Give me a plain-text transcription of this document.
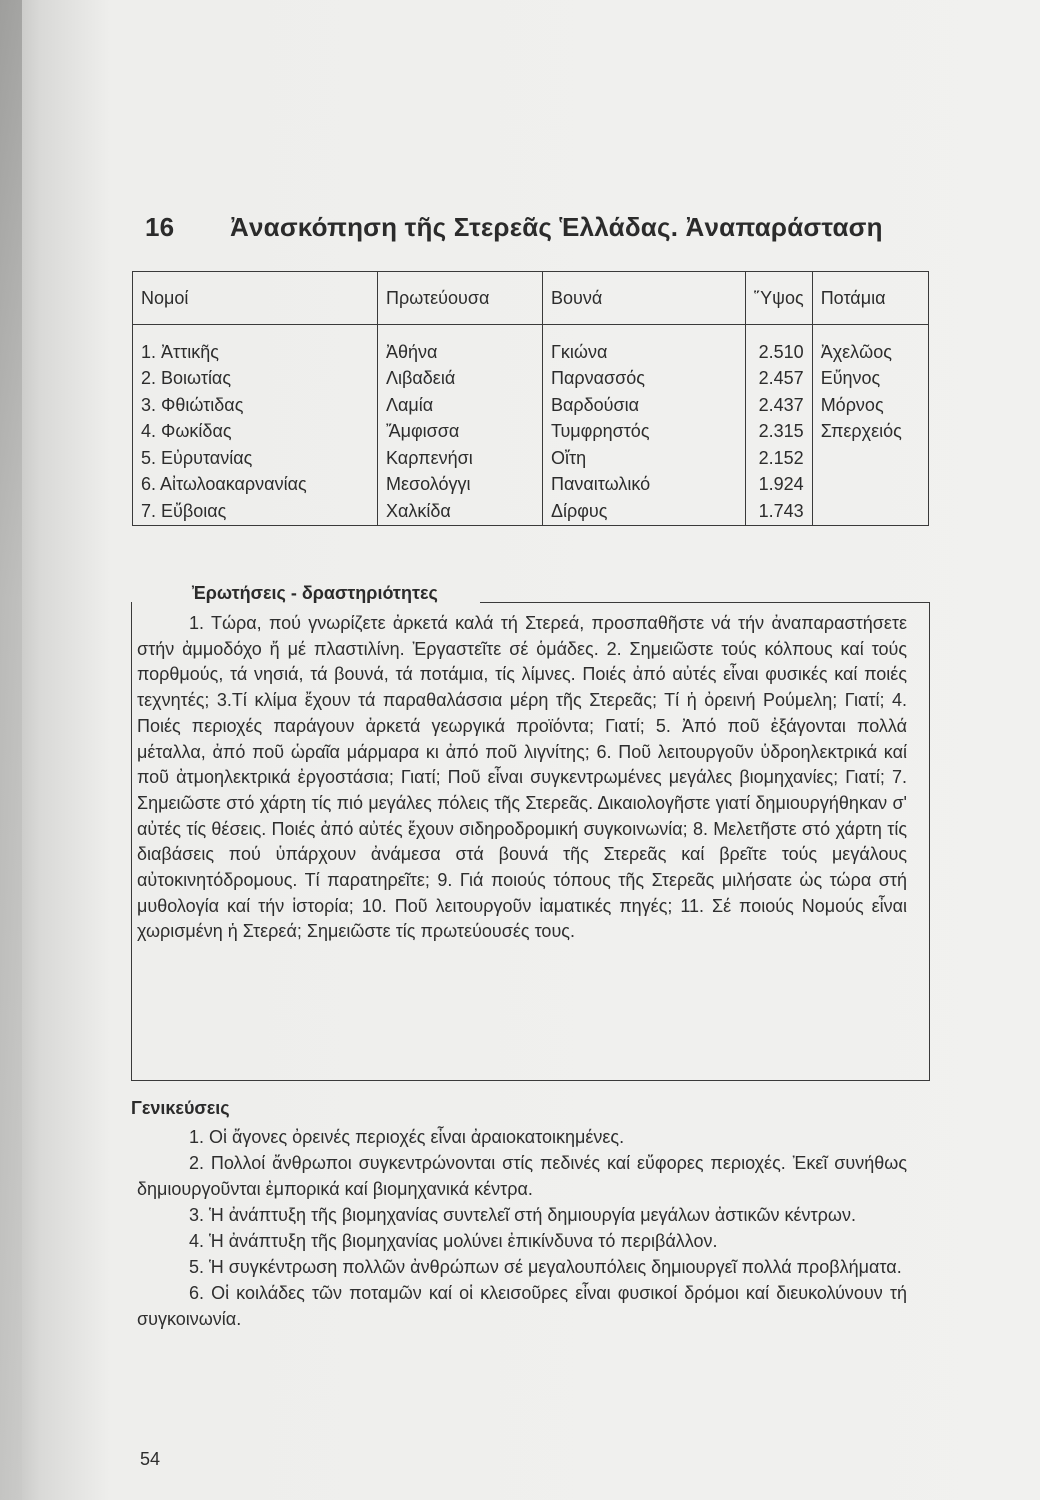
16 Ἀνασκόπηση τῆς Στερεᾶς Ἑλλάδας. Ἀναπαράσταση
Νομοί	Πρωτεύουσα	Βουνά	Ὕψος	Ποτάμια
1. Ἀττικῆς	Ἀθήνα	Γκιώνα	2.510	Ἀχελῶος
2. Βοιωτίας	Λιβαδειά	Παρνασσός	2.457	Εὔηνος
3. Φθιώτιδας	Λαμία	Βαρδούσια	2.437	Μόρνος
4. Φωκίδας	Ἄμφισσα	Τυμφρηστός	2.315	Σπερχειός
5. Εὐρυτανίας	Καρπενήσι	Οἴτη	2.152	
6. Αἰτωλοακαρνανίας	Μεσολόγγι	Παναιτωλικό	1.924	
7. Εὔβοιας	Χαλκίδα	Δίρφυς	1.743	
Ἐρωτήσεις - δραστηριότητες

1. Τώρα, πού γνωρίζετε ἀρκετά καλά τή Στερεά, προσπαθῆστε νά τήν ἀναπαραστήσετε στήν ἀμμοδόχο ἤ μέ πλαστιλίνη. Ἐργαστεῖτε σέ ὁμάδες. 2. Σημειῶστε τούς κόλπους καί τούς πορθμούς, τά νησιά, τά βουνά, τά ποτάμια, τίς λίμνες. Ποιές ἀπό αὐτές εἶναι φυσικές καί ποιές τεχνητές; 3.Τί κλίμα ἔχουν τά παραθαλάσσια μέρη τῆς Στερεᾶς; Τί ἡ ὀρεινή Ρούμελη; Γιατί; 4. Ποιές περιοχές παράγουν ἀρκετά γεωργικά προϊόντα; Γιατί; 5. Ἀπό ποῦ ἐξάγονται πολλά μέταλλα, ἀπό ποῦ ὡραῖα μάρμαρα κι ἀπό ποῦ λιγνίτης; 6. Ποῦ λειτουργοῦν ὑδροηλεκτρικά καί ποῦ ἀτμοηλεκτρικά ἐργοστάσια; Γιατί; Ποῦ εἶναι συγκεντρωμένες μεγάλες βιομηχανίες; Γιατί; 7. Σημειῶστε στό χάρτη τίς πιό μεγάλες πόλεις τῆς Στερεᾶς. Δικαιολογῆστε γιατί δημιουργήθηκαν σ' αὐτές τίς θέσεις. Ποιές ἀπό αὐτές ἔχουν σιδηροδρομική συγκοινωνία; 8. Μελετῆστε στό χάρτη τίς διαβάσεις πού ὑπάρχουν ἀνάμεσα στά βουνά τῆς Στερεᾶς καί βρεῖτε τούς μεγάλους αὐτοκινητόδρομους. Τί παρατηρεῖτε; 9. Γιά ποιούς τόπους τῆς Στερεᾶς μιλήσατε ὡς τώρα στή μυθολογία καί τήν ἱστορία; 10. Ποῦ λειτουργοῦν ἰαματικές πηγές; 11. Σέ ποιούς Νομούς εἶναι χωρισμένη ἡ Στερεά; Σημειῶστε τίς πρωτεύουσές τους.

Γενικεύσεις

1. Οἱ ἄγονες ὀρεινές περιοχές εἶναι ἀραιοκατοικημένες.

2. Πολλοί ἄνθρωποι συγκεντρώνονται στίς πεδινές καί εὔφορες περιοχές. Ἐκεῖ συνήθως δημιουργοῦνται ἐμπορικά καί βιομηχανικά κέντρα.

3. Ἡ ἀνάπτυξη τῆς βιομηχανίας συντελεῖ στή δημιουργία μεγάλων ἀστικῶν κέντρων.

4. Ἡ ἀνάπτυξη τῆς βιομηχανίας μολύνει ἐπικίνδυνα τό περιβάλλον.

5. Ἡ συγκέντρωση πολλῶν ἀνθρώπων σέ μεγαλουπόλεις δημιουργεῖ πολλά προβλήματα.

6. Οἱ κοιλάδες τῶν ποταμῶν καί οἱ κλεισοῦρες εἶναι φυσικοί δρόμοι καί διευκολύνουν τή συγκοινωνία.

54
